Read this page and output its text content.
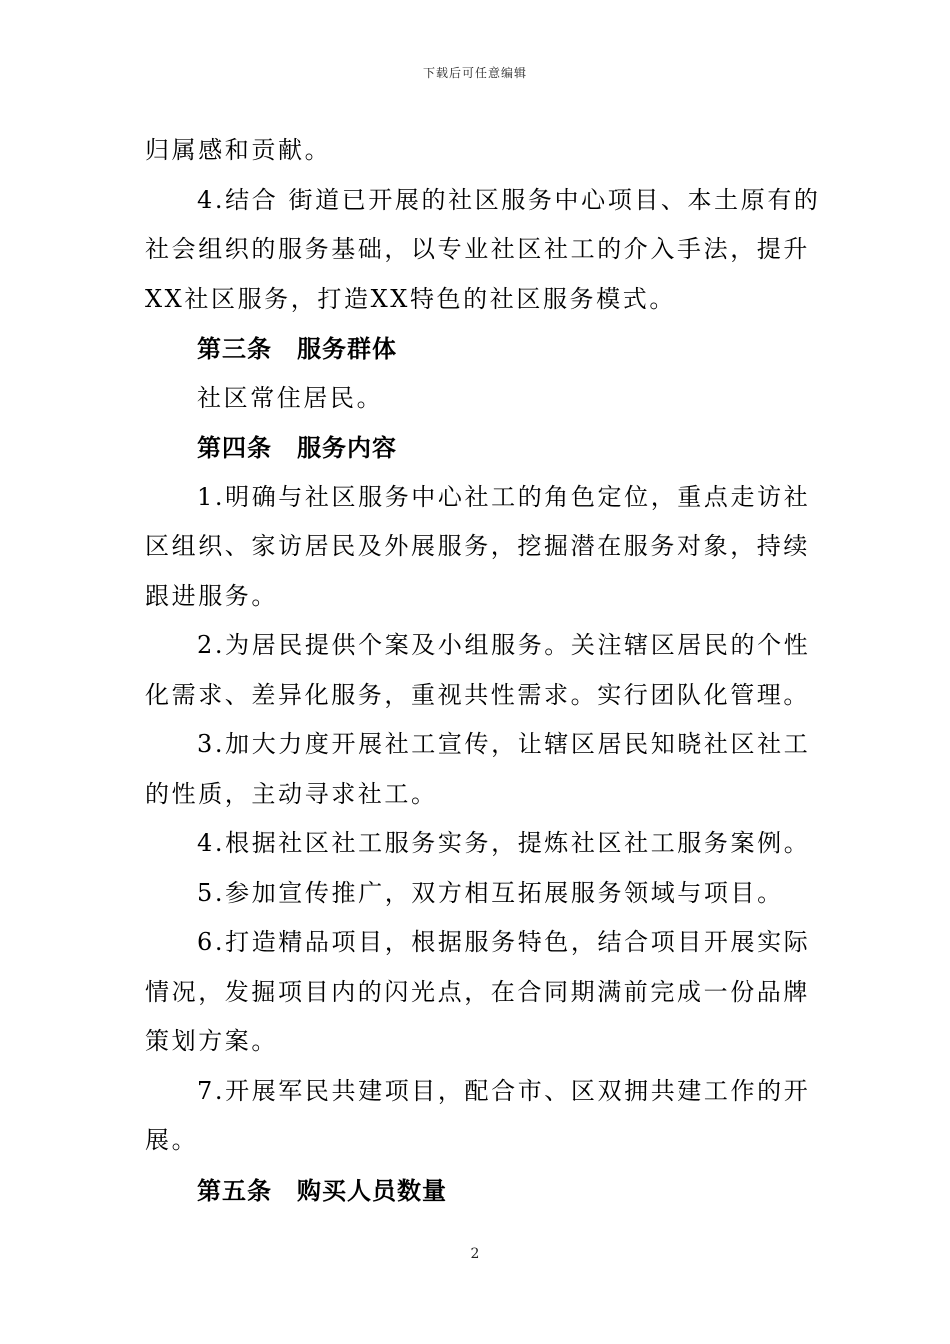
下载后可任意编辑
归属感和贡献。
4.结合 街道已开展的社区服务中心项目、本土原有的
社会组织的服务基础，以专业社区社工的介入手法，提升
XX社区服务，打造XX特色的社区服务模式。
第三条 服务群体
社区常住居民。
第四条 服务内容
1.明确与社区服务中心社工的角色定位，重点走访社
区组织、家访居民及外展服务，挖掘潜在服务对象，持续
跟进服务。
2.为居民提供个案及小组服务。关注辖区居民的个性
化需求、差异化服务，重视共性需求。实行团队化管理。
3.加大力度开展社工宣传，让辖区居民知晓社区社工
的性质，主动寻求社工。
4.根据社区社工服务实务，提炼社区社工服务案例。
5.参加宣传推广，双方相互拓展服务领域与项目。
6.打造精品项目，根据服务特色，结合项目开展实际
情况，发掘项目内的闪光点，在合同期满前完成一份品牌
策划方案。
7.开展军民共建项目，配合市、区双拥共建工作的开
展。
第五条 购买人员数量
2
